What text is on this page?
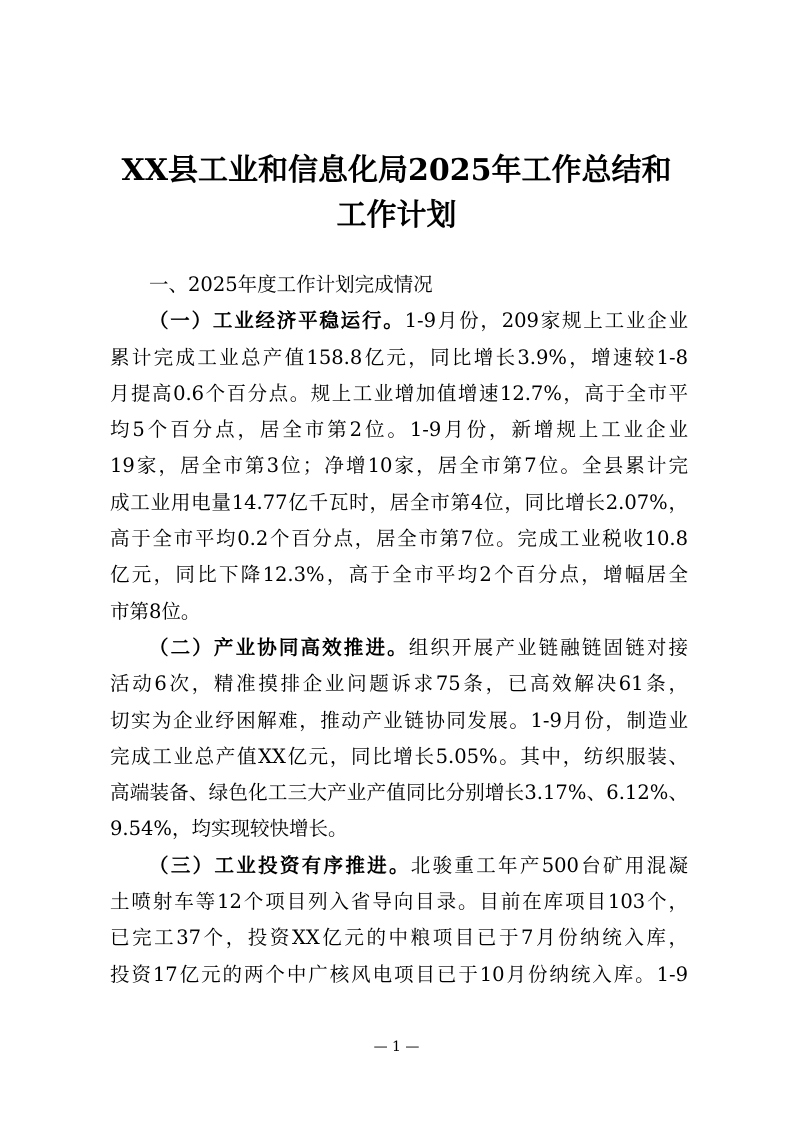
XX县工业和信息化局2025年工作总结和
工作计划
一、2025年度工作计划完成情况
（一）工业经济平稳运行。1-9月份，209家规上工业企业
累计完成工业总产值158.8亿元，同比增长3.9%，增速较1-8
月提高0.6个百分点。规上工业增加值增速12.7%，高于全市平
均5个百分点，居全市第2位。1-9月份，新增规上工业企业
19家，居全市第3位；净增10家，居全市第7位。全县累计完
成工业用电量14.77亿千瓦时，居全市第4位，同比增长2.07%，
高于全市平均0.2个百分点，居全市第7位。完成工业税收10.8
亿元，同比下降12.3%，高于全市平均2个百分点，增幅居全
市第8位。
（二）产业协同高效推进。组织开展产业链融链固链对接
活动6次，精准摸排企业问题诉求75条，已高效解决61条，
切实为企业纾困解难，推动产业链协同发展。1-9月份，制造业
完成工业总产值XX亿元，同比增长5.05%。其中，纺织服装、
高端装备、绿色化工三大产业产值同比分别增长3.17%、6.12%、
9.54%，均实现较快增长。
（三）工业投资有序推进。北骏重工年产500台矿用混凝
土喷射车等12个项目列入省导向目录。目前在库项目103个，
已完工37个，投资XX亿元的中粮项目已于7月份纳统入库，
投资17亿元的两个中广核风电项目已于10月份纳统入库。1-9
— 1 —
